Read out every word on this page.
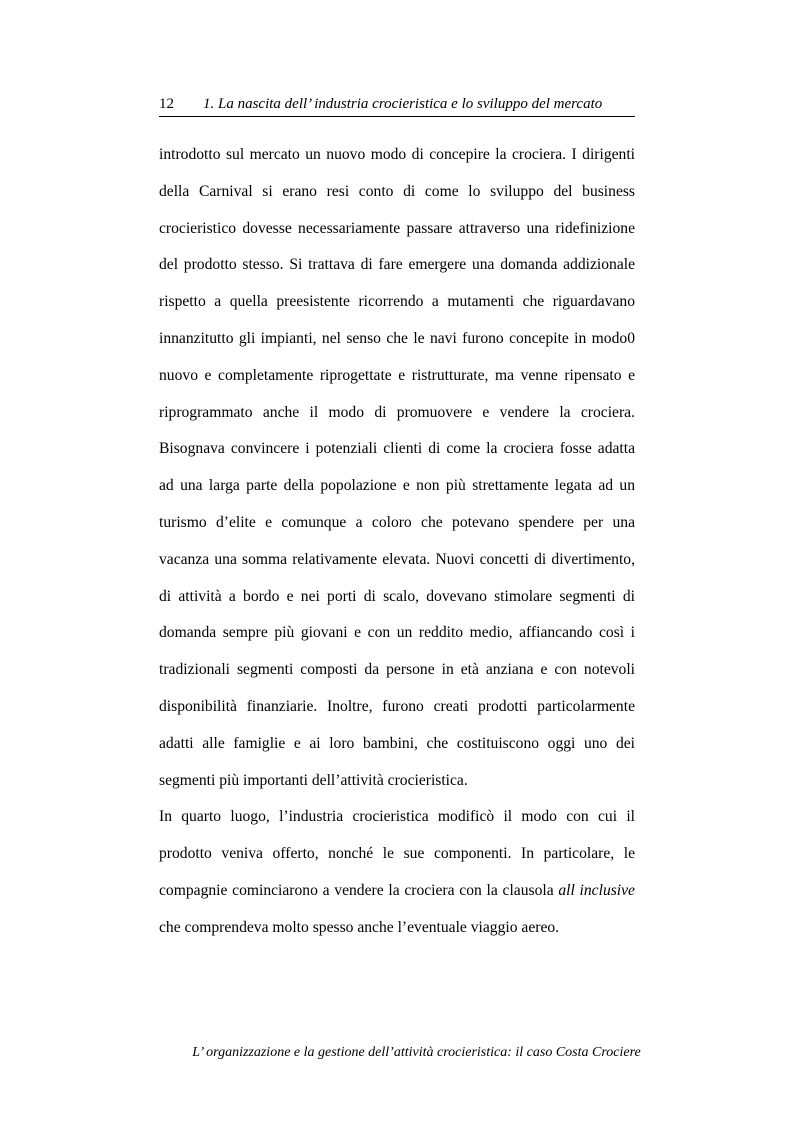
12 1. La nascita dell’ industria crocieristica e lo sviluppo del mercato
introdotto sul mercato un nuovo modo di concepire la crociera. I dirigenti
della Carnival si erano resi conto di come lo sviluppo del business
crocieristico dovesse necessariamente passare attraverso una ridefinizione
del prodotto stesso. Si trattava di fare emergere una domanda addizionale
rispetto a quella preesistente ricorrendo a mutamenti che riguardavano
innanzitutto gli impianti, nel senso che le navi furono concepite in modo0
nuovo e completamente riprogettate e ristrutturate, ma venne ripensato e
riprogrammato anche il modo di promuovere e vendere la crociera.
Bisognava convincere i potenziali clienti di come la crociera fosse adatta
ad una larga parte della popolazione e non più strettamente legata ad un
turismo d’elite e comunque a coloro che potevano spendere per una
vacanza una somma relativamente elevata. Nuovi concetti di divertimento,
di attività a bordo e nei porti di scalo, dovevano stimolare segmenti di
domanda sempre più giovani e con un reddito medio, affiancando così i
tradizionali segmenti composti da persone in età anziana e con notevoli
disponibilità finanziarie. Inoltre, furono creati prodotti particolarmente
adatti alle famiglie e ai loro bambini, che costituiscono oggi uno dei
segmenti più importanti dell’attività crocieristica.
In quarto luogo, l’industria crocieristica modificò il modo con cui il
prodotto veniva offerto, nonché le sue componenti. In particolare, le
compagnie cominciarono a vendere la crociera con la clausola all inclusive
che comprendeva molto spesso anche l’eventuale viaggio aereo.
L’ organizzazione e la gestione dell’attività crocieristica: il caso Costa Crociere
